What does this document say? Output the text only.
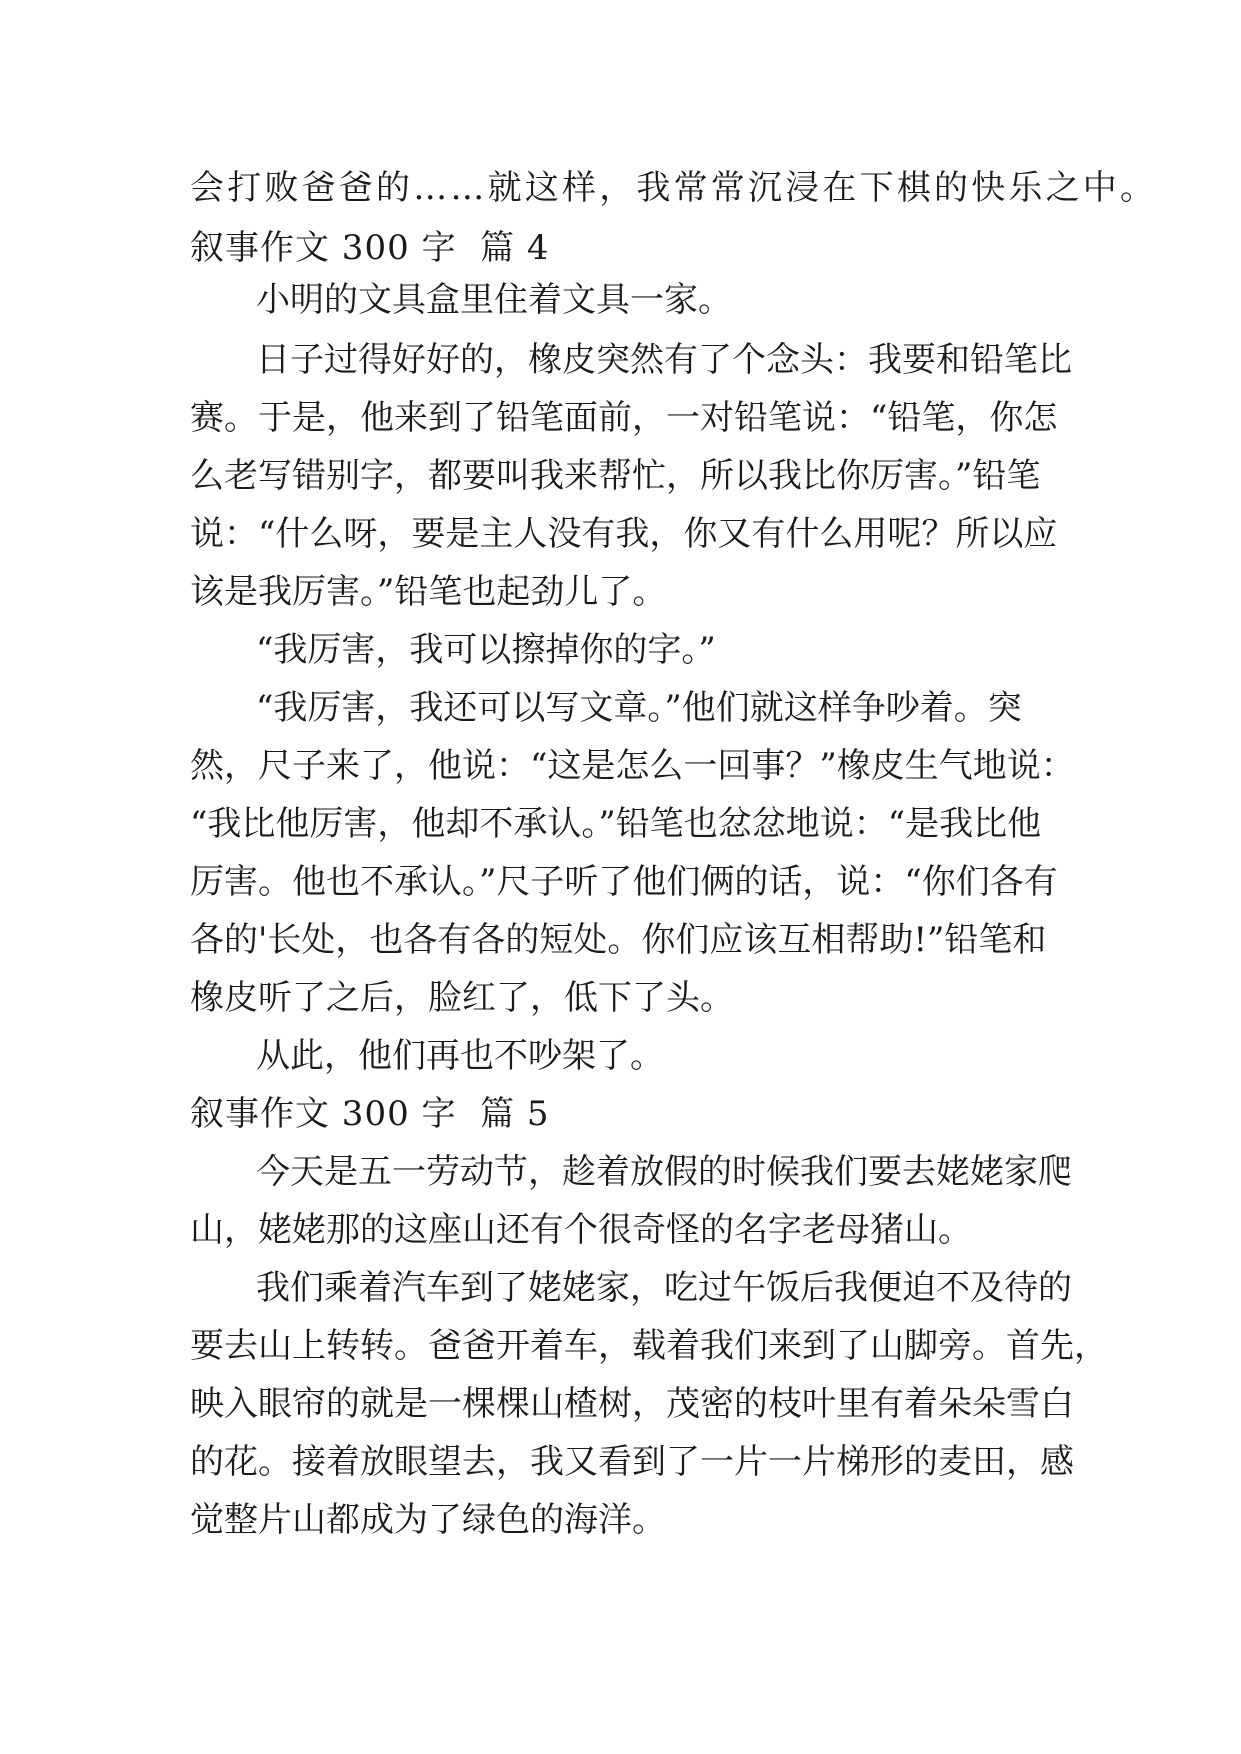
会打败爸爸的……就这样，我常常沉浸在下棋的快乐之中。
叙事作文 300 字  篇 4
小明的文具盒里住着文具一家。
日子过得好好的，橡皮突然有了个念头：我要和铅笔比
赛。于是，他来到了铅笔面前，一对铅笔说：“铅笔，你怎
么老写错别字，都要叫我来帮忙，所以我比你厉害。”铅笔
说：“什么呀，要是主人没有我，你又有什么用呢？所以应
该是我厉害。”铅笔也起劲儿了。
“我厉害，我可以擦掉你的字。”
“我厉害，我还可以写文章。”他们就这样争吵着。突
然，尺子来了，他说：“这是怎么一回事？”橡皮生气地说：
“我比他厉害，他却不承认。”铅笔也忿忿地说：“是我比他
厉害。他也不承认。”尺子听了他们俩的话，说：“你们各有
各的'长处，也各有各的短处。你们应该互相帮助!”铅笔和
橡皮听了之后，脸红了，低下了头。
从此，他们再也不吵架了。
叙事作文 300 字  篇 5
今天是五一劳动节，趁着放假的时候我们要去姥姥家爬
山，姥姥那的这座山还有个很奇怪的名字老母猪山。
我们乘着汽车到了姥姥家，吃过午饭后我便迫不及待的
要去山上转转。爸爸开着车，载着我们来到了山脚旁。首先，
映入眼帘的就是一棵棵山楂树，茂密的枝叶里有着朵朵雪白
的花。接着放眼望去，我又看到了一片一片梯形的麦田，感
觉整片山都成为了绿色的海洋。
